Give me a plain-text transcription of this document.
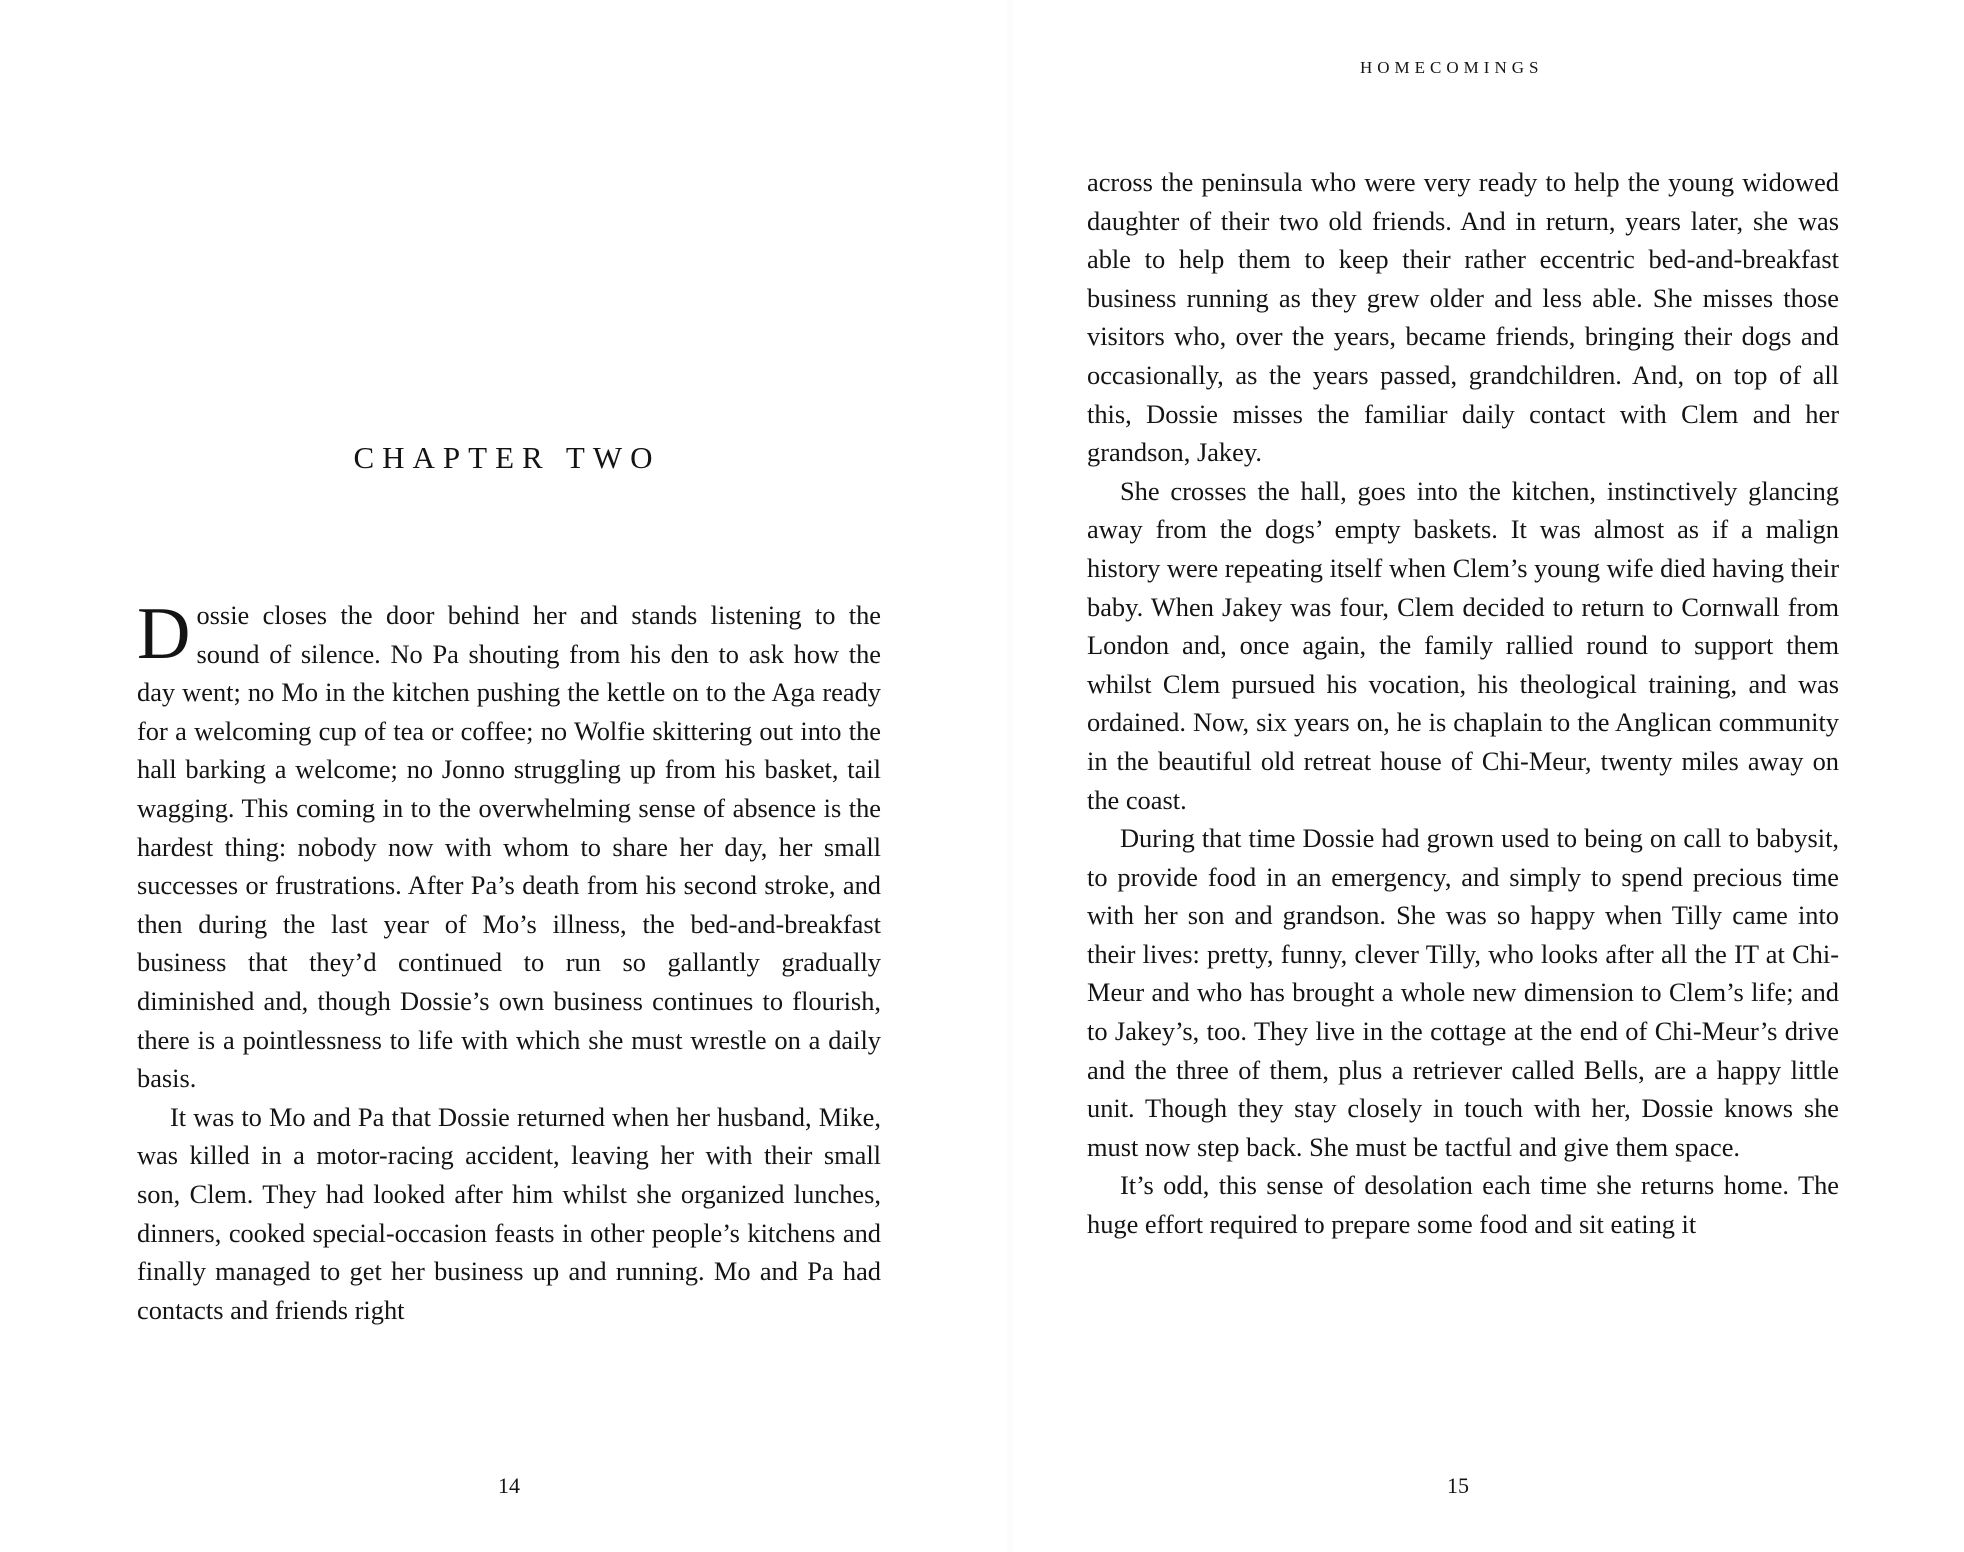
CHAPTER TWO

Dossie closes the door behind her and stands listening to the sound of silence. No Pa shouting from his den to ask how the day went; no Mo in the kitchen pushing the kettle on to the Aga ready for a welcoming cup of tea or coffee; no Wolfie skittering out into the hall barking a welcome; no Jonno struggling up from his basket, tail wagging. This coming in to the overwhelming sense of absence is the hardest thing: nobody now with whom to share her day, her small successes or frustrations. After Pa’s death from his second stroke, and then during the last year of Mo’s illness, the bed-and-breakfast business that they’d continued to run so gallantly gradually diminished and, though Dossie’s own business continues to flourish, there is a pointlessness to life with which she must wrestle on a daily basis.

It was to Mo and Pa that Dossie returned when her husband, Mike, was killed in a motor-racing accident, leaving her with their small son, Clem. They had looked after him whilst she organized lunches, dinners, cooked special-occasion feasts in other people’s kitchens and finally managed to get her business up and running. Mo and Pa had contacts and friends right

14
HOMECOMINGS

across the peninsula who were very ready to help the young widowed daughter of their two old friends. And in return, years later, she was able to help them to keep their rather eccentric bed-and-breakfast business running as they grew older and less able. She misses those visitors who, over the years, became friends, bringing their dogs and occasionally, as the years passed, grandchildren. And, on top of all this, Dossie misses the familiar daily contact with Clem and her grandson, Jakey.

She crosses the hall, goes into the kitchen, instinctively glancing away from the dogs’ empty baskets. It was almost as if a malign history were repeating itself when Clem’s young wife died having their baby. When Jakey was four, Clem decided to return to Cornwall from London and, once again, the family rallied round to support them whilst Clem pursued his vocation, his theological training, and was ordained. Now, six years on, he is chaplain to the Anglican community in the beautiful old retreat house of Chi-Meur, twenty miles away on the coast.

During that time Dossie had grown used to being on call to babysit, to provide food in an emergency, and simply to spend precious time with her son and grandson. She was so happy when Tilly came into their lives: pretty, funny, clever Tilly, who looks after all the IT at Chi-Meur and who has brought a whole new dimension to Clem’s life; and to Jakey’s, too. They live in the cottage at the end of Chi-Meur’s drive and the three of them, plus a retriever called Bells, are a happy little unit. Though they stay closely in touch with her, Dossie knows she must now step back. She must be tactful and give them space.

It’s odd, this sense of desolation each time she returns home. The huge effort required to prepare some food and sit eating it

15
